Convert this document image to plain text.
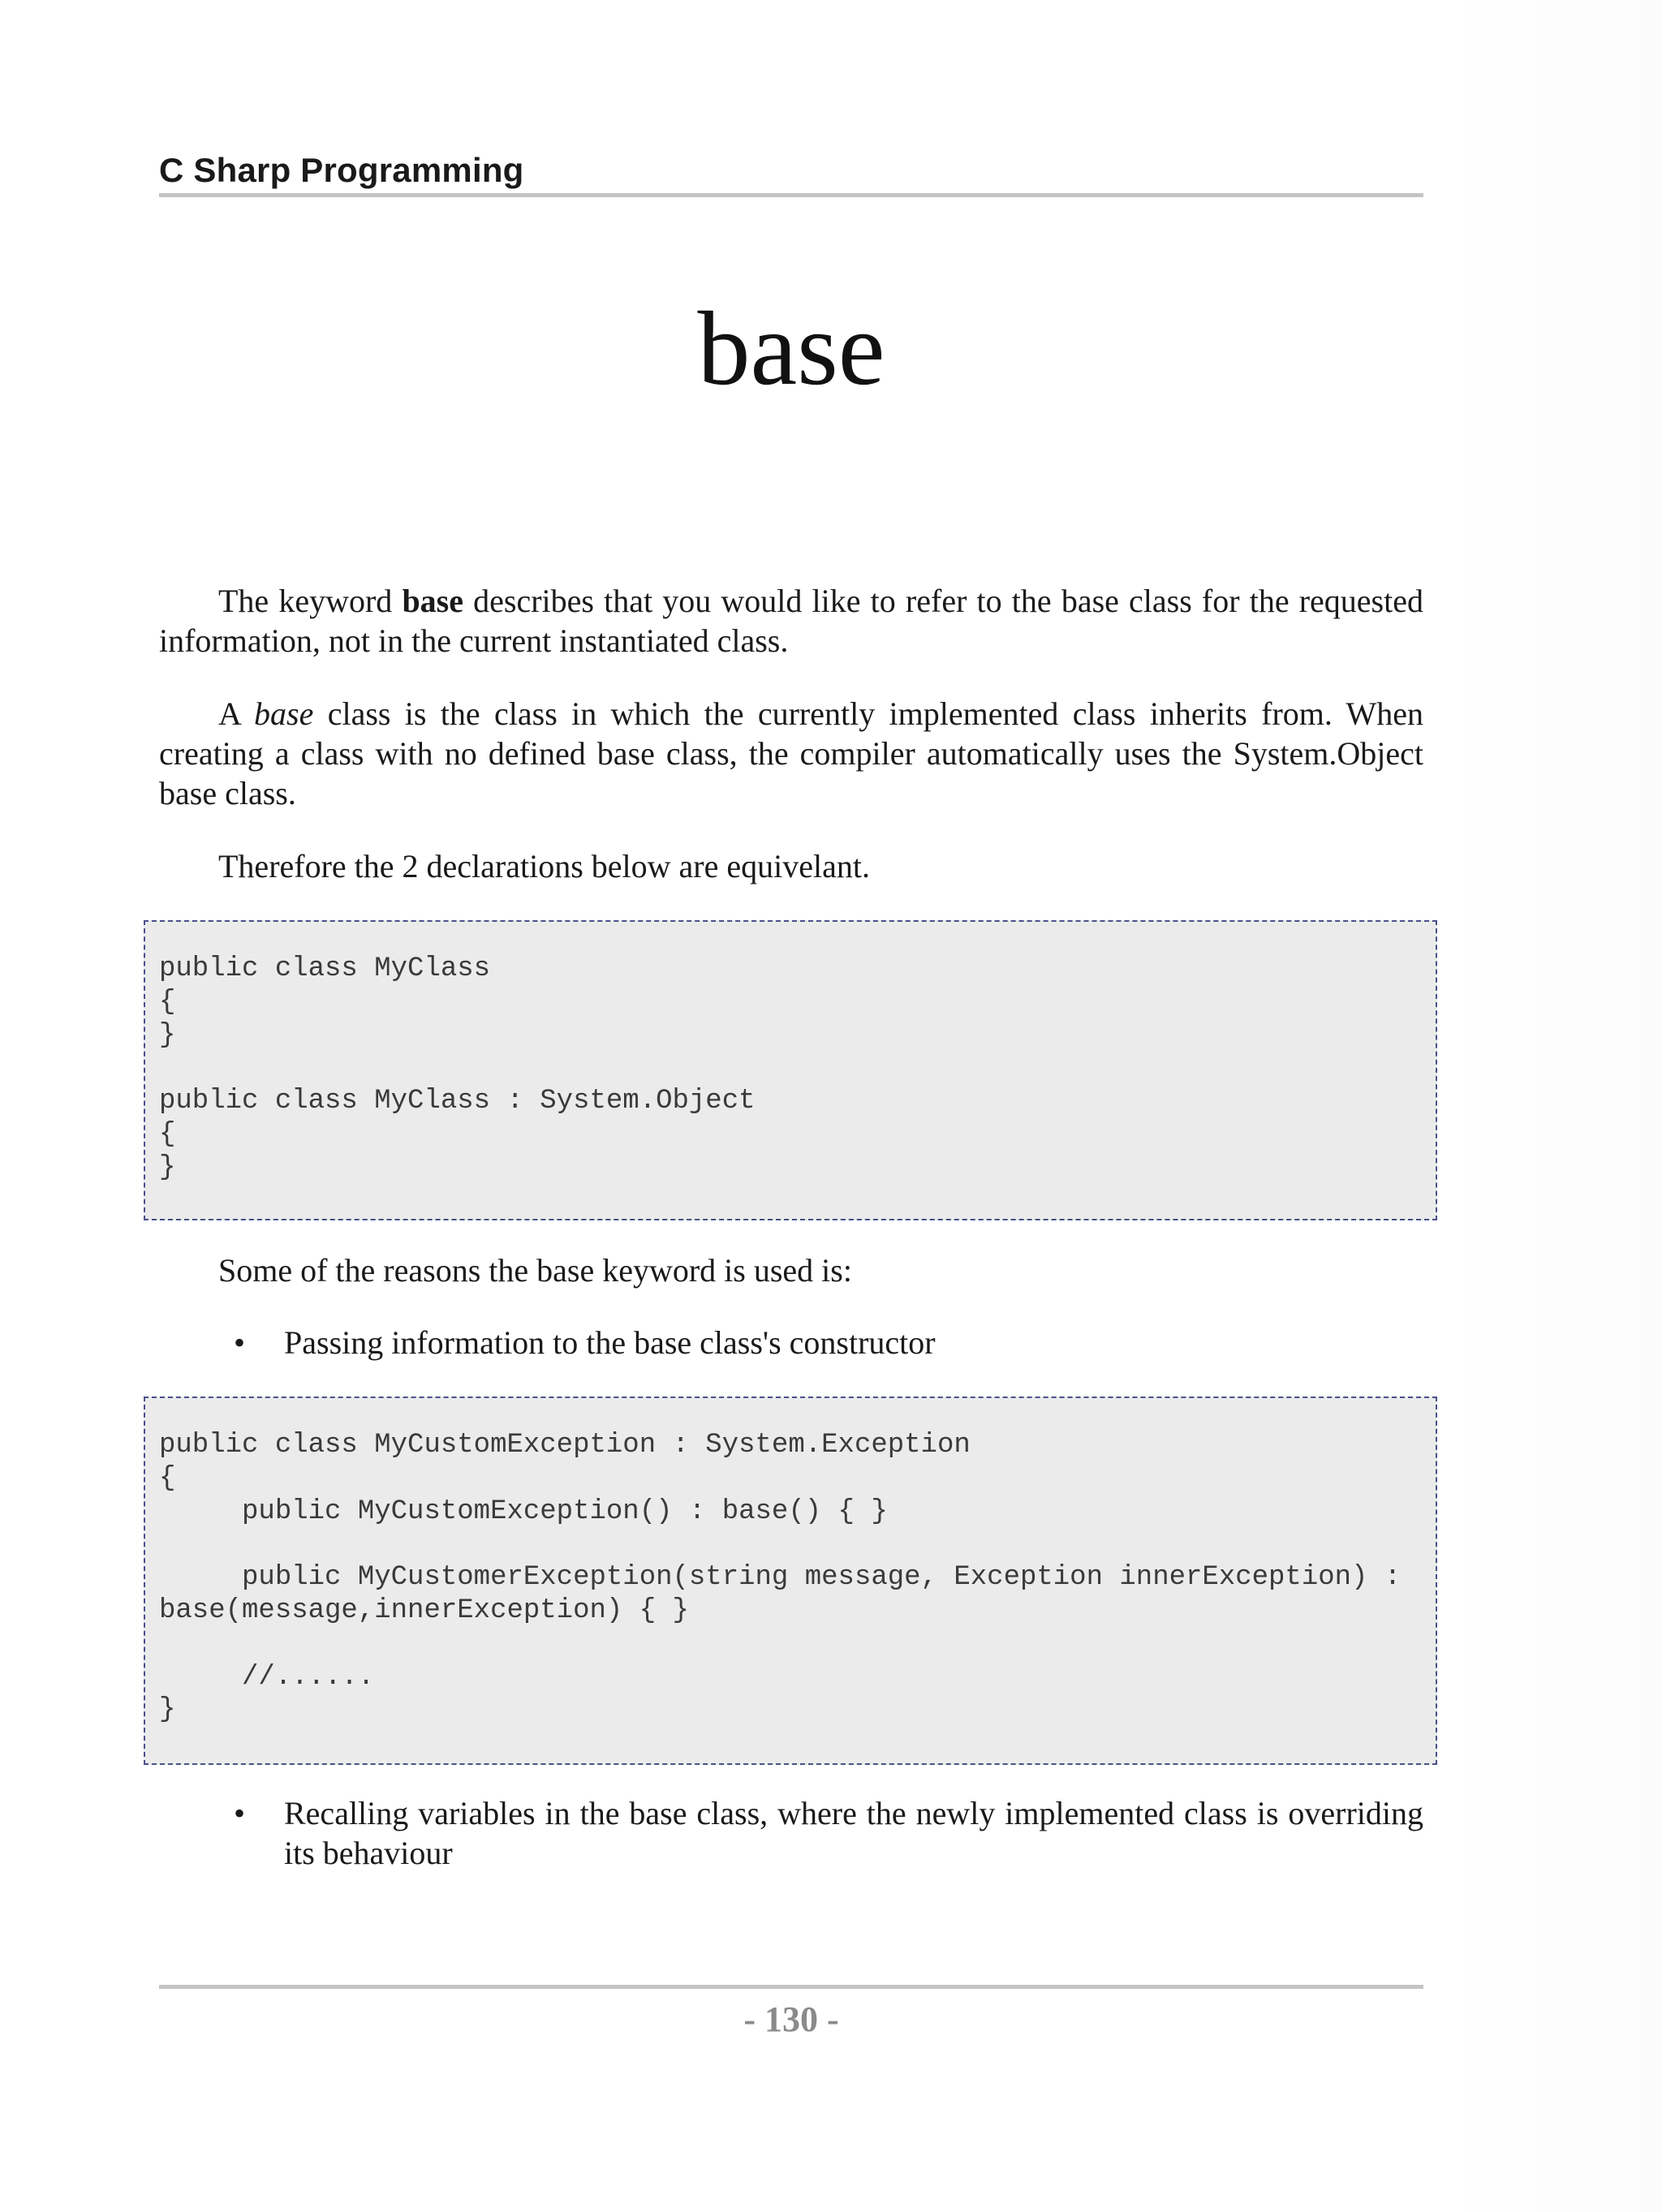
C Sharp Programming
base

The keyword base describes that you would like to refer to the base class for the requested information, not in the current instantiated class.

A base class is the class in which the currently implemented class inherits from. When creating a class with no defined base class, the compiler automatically uses the System.Object base class.

Therefore the 2 declarations below are equivelant.

public class MyClass
{
}

public class MyClass : System.Object
{
}

Some of the reasons the base keyword is used is:

• Passing information to the base class's constructor

public class MyCustomException : System.Exception
{
public MyCustomException() : base() { }

public MyCustomerException(string message, Exception innerException) :
base(message,innerException) { }

//......
}
• Recalling variables in the base class, where the newly implemented class is overriding its behaviour

- 130 -
